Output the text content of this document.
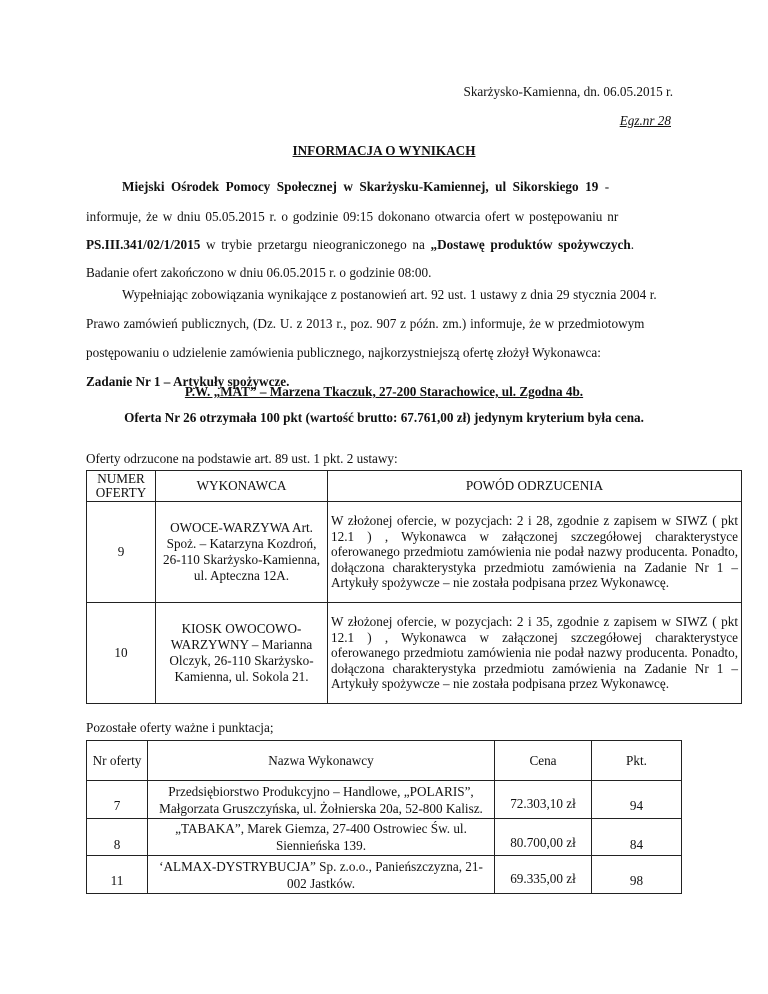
Skarżysko-Kamienna, dn. 06.05.2015 r.
Egz.nr 28
INFORMACJA O WYNIKACH
Miejski Ośrodek Pomocy Społecznej w Skarżysku-Kamiennej, ul Sikorskiego 19 -
informuje, że w dniu 05.05.2015 r. o godzinie 09:15 dokonano otwarcia ofert w postępowaniu nr
PS.III.341/02/1/2015 w trybie przetargu nieograniczonego na „Dostawę produktów spożywczych.
Badanie ofert zakończono w dniu 06.05.2015 r. o godzinie 08:00.
Wypełniając zobowiązania wynikające z postanowień art. 92 ust. 1 ustawy z dnia 29 stycznia 2004 r.
Prawo zamówień publicznych, (Dz. U. z 2013 r., poz. 907 z późn. zm.) informuje, że w przedmiotowym
postępowaniu o udzielenie zamówienia publicznego, najkorzystniejszą ofertę złożył Wykonawca:
Zadanie Nr 1 – Artykuły spożywcze.
P.W. „MAT” – Marzena Tkaczuk, 27-200 Starachowice, ul. Zgodna 4b.
Oferta Nr 26 otrzymała 100 pkt (wartość brutto: 67.761,00 zł) jedynym kryterium była cena.
Oferty odrzucone na podstawie art. 89 ust. 1 pkt. 2 ustawy:
NUMER OFERTY	WYKONAWCA	POWÓD ODRZUCENIA
9	OWOCE-WARZYWA Art. Spoż. – Katarzyna Kozdroń, 26-110 Skarżysko-Kamienna, ul. Apteczna 12A.	W złożonej ofercie, w pozycjach: 2 i 28, zgodnie z zapisem w SIWZ ( pkt 12.1 ) , Wykonawca w załączonej szczegółowej charakterystyce oferowanego przedmiotu zamówienia nie podał nazwy producenta. Ponadto, dołączona charakterystyka przedmiotu zamówienia na Zadanie Nr 1 – Artykuły spożywcze – nie została podpisana przez Wykonawcę.
10	KIOSK OWOCOWO-WARZYWNY – Marianna Olczyk, 26-110 Skarżysko-Kamienna, ul. Sokola 21.	W złożonej ofercie, w pozycjach: 2 i 35, zgodnie z zapisem w SIWZ ( pkt 12.1 ) , Wykonawca w załączonej szczegółowej charakterystyce oferowanego przedmiotu zamówienia nie podał nazwy producenta. Ponadto, dołączona charakterystyka przedmiotu zamówienia na Zadanie Nr 1 – Artykuły spożywcze – nie została podpisana przez Wykonawcę.
Pozostałe oferty ważne i punktacja;
Nr oferty	Nazwa Wykonawcy	Cena	Pkt.
7	Przedsiębiorstwo Produkcyjno – Handlowe, „POLARIS”, Małgorzata Gruszczyńska, ul. Żołnierska 20a, 52-800 Kalisz.	72.303,10 zł	94
8	„TABAKA”, Marek Giemza, 27-400 Ostrowiec Św. ul. Siennieńska 139.	80.700,00 zł	84
11	‘ALMAX-DYSTRYBUCJA” Sp. z.o.o., Panieńszczyzna, 21-002 Jastków.	69.335,00 zł	98
